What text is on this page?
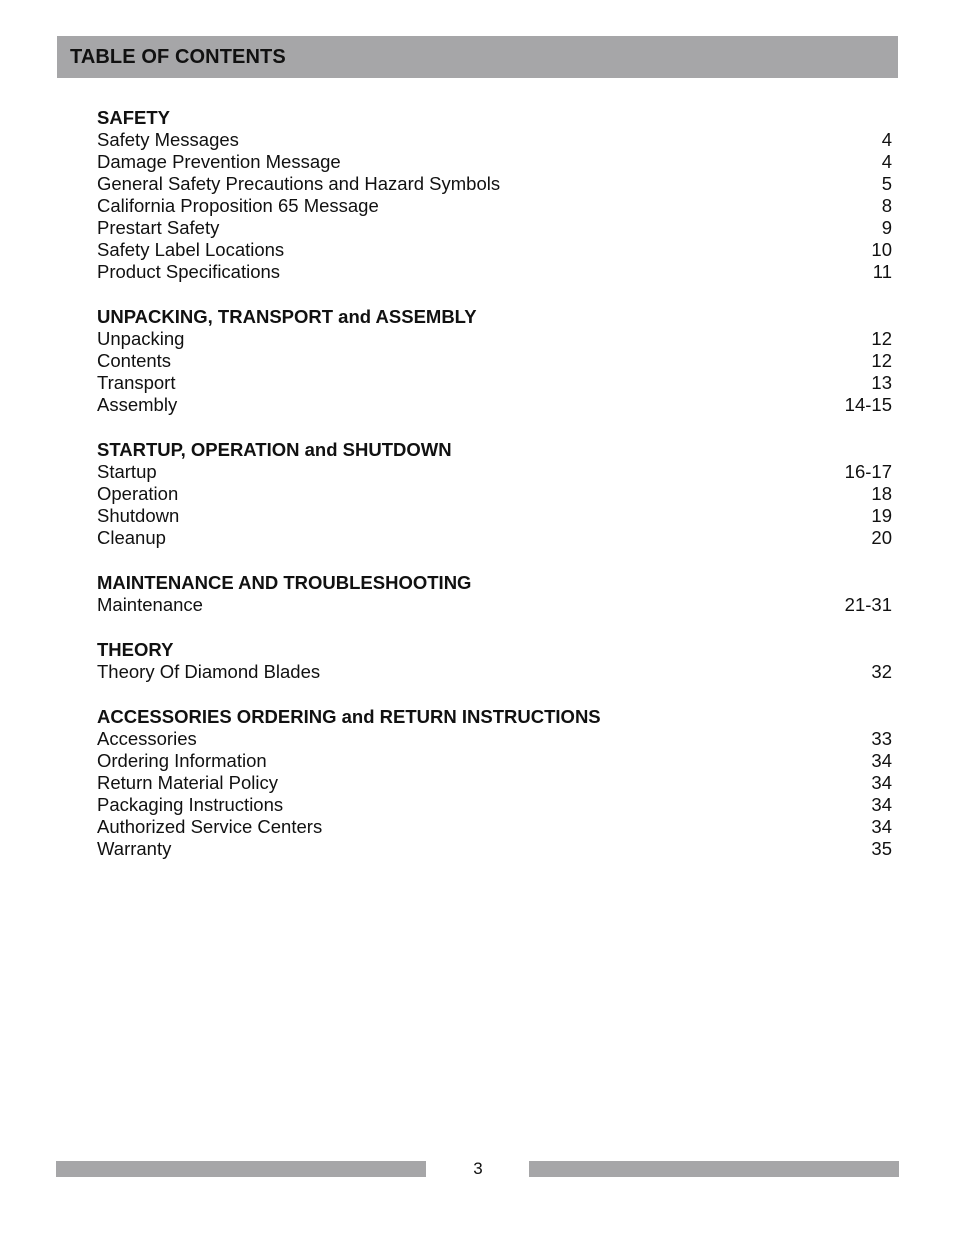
TABLE OF CONTENTS
SAFETY
Safety Messages	4
Damage Prevention Message	4
General Safety Precautions and Hazard Symbols	5
California Proposition 65 Message	8
Prestart Safety	9
Safety Label Locations	10
Product Specifications	11
UNPACKING, TRANSPORT and ASSEMBLY
Unpacking	12
Contents	12
Transport	13
Assembly	14-15
STARTUP, OPERATION and SHUTDOWN
Startup	16-17
Operation	18
Shutdown	19
Cleanup	20
MAINTENANCE AND TROUBLESHOOTING
Maintenance	21-31
THEORY
Theory Of Diamond Blades	32
ACCESSORIES ORDERING and RETURN INSTRUCTIONS
Accessories	33
Ordering Information	34
Return Material Policy	34
Packaging Instructions	34
Authorized Service Centers	34
Warranty	35
3
